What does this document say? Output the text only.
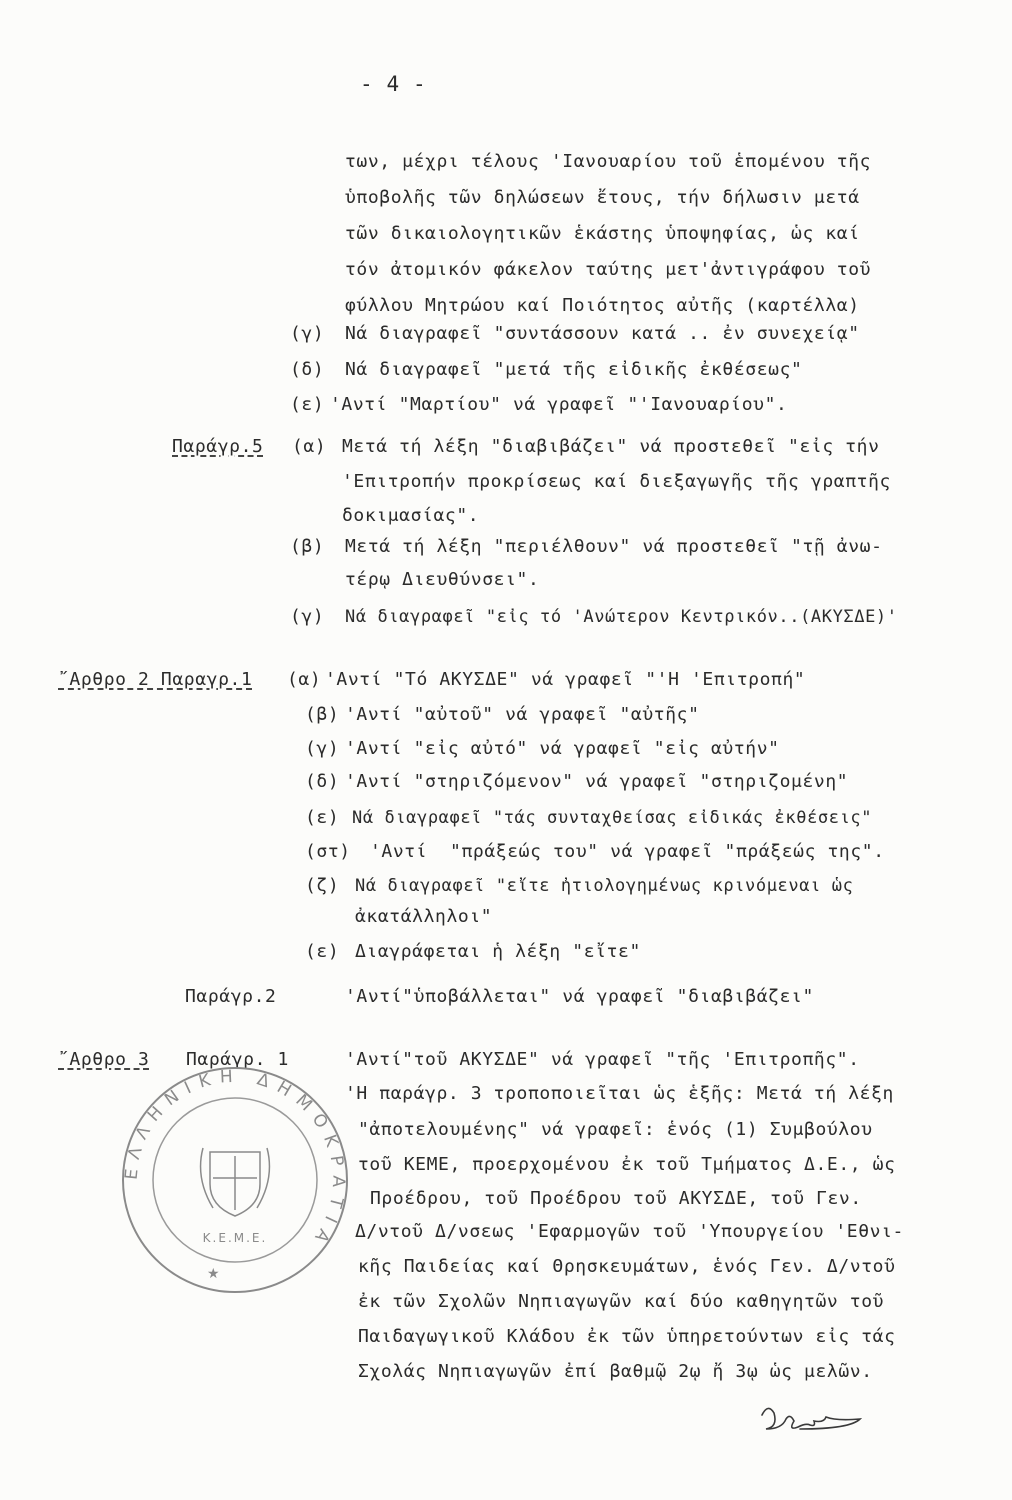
- 4 -
των, μέχρι τέλους 'Ιανουαρίου τοῦ ἑπομένου τῆς
ὑποβολῆς τῶν δηλώσεων ἔτους, τήν δήλωσιν μετά
τῶν δικαιολογητικῶν ἑκάστης ὑποψηφίας, ὡς καί
τόν ἀτομικόν φάκελον ταύτης μετ'ἀντιγράφου τοῦ
φύλλου Μητρώου καί Ποιότητος αὐτῆς (καρτέλλα)
(γ) Νά διαγραφεῖ "συντάσσουν κατά .. ἐν συνεχείᾳ"
(δ) Νά διαγραφεῖ "μετά τῆς εἰδικῆς ἐκθέσεως"
(ε) 'Αντί "Μαρτίου" νά γραφεῖ "'Ιανουαρίου".
Παράγρ.5 (α) Μετά τή λέξη "διαβιβάζει" νά προστεθεῖ "εἰς τήν
'Επιτροπήν προκρίσεως καί διεξαγωγῆς τῆς γραπτῆς
δοκιμασίας".
(β) Μετά τή λέξη "περιέλθουν" νά προστεθεῖ "τῇ ἀνω-
τέρῳ Διευθύνσει".
(γ) Νά διαγραφεῖ "εἰς τό 'Ανώτερον Κεντρικόν..(ΑΚΥΣΔΕ)'
῎Αρθρο 2 Παραγρ.1 (α) 'Αντί "Τό ΑΚΥΣΔΕ" νά γραφεῖ "'Η 'Επιτροπή"
(β) 'Αντί "αὐτοῦ" νά γραφεῖ "αὐτῆς"
(γ) 'Αντί "εἰς αὐτό" νά γραφεῖ "εἰς αὐτήν"
(δ) 'Αντί "στηριζόμενον" νά γραφεῖ "στηριζομένη"
(ε) Νά διαγραφεῖ "τάς συνταχθείσας εἰδικάς ἐκθέσεις"
(στ) 'Αντί  "πράξεώς του" νά γραφεῖ "πράξεώς της".
(ζ) Νά διαγραφεῖ "εἴτε ἠτιολογημένως κρινόμεναι ὡς
ἀκατάλληλοι"
(ε) Διαγράφεται ἡ λέξη "εἴτε"
Παράγρ.2	'Αντί"ὑποβάλλεται" νά γραφεῖ "διαβιβάζει"
῎Αρθρο 3 Παράγρ. 1	'Αντί"τοῦ ΑΚΥΣΔΕ" νά γραφεῖ "τῆς 'Επιτροπῆς".
'Η παράγρ. 3 τροποποιεῖται ὡς ἑξῆς: Μετά τή λέξη
"ἀποτελουμένης" νά γραφεῖ: ἑνός (1) Συμβούλου
τοῦ ΚΕΜΕ, προερχομένου ἐκ τοῦ Τμήματος Δ.Ε., ὡς
Προέδρου, τοῦ Προέδρου τοῦ ΑΚΥΣΔΕ, τοῦ Γεν.
Δ/ντοῦ Δ/νσεως 'Εφαρμογῶν τοῦ 'Υπουργείου 'Εθνι-
κῆς Παιδείας καί Θρησκευμάτων, ἑνός Γεν. Δ/ντοῦ
ἐκ τῶν Σχολῶν Νηπιαγωγῶν καί δύο καθηγητῶν τοῦ
Παιδαγωγικοῦ Κλάδου ἐκ τῶν ὑπηρετούντων εἰς τάς
Σχολάς Νηπιαγωγῶν ἐπί βαθμῷ 2ῳ ἤ 3ῳ ὡς μελῶν.
ΕΛΛΗΝΙΚΗ ΔΗΜΟΚΡΑΤΙΑ
Κ.Ε.Μ.Ε.
★
